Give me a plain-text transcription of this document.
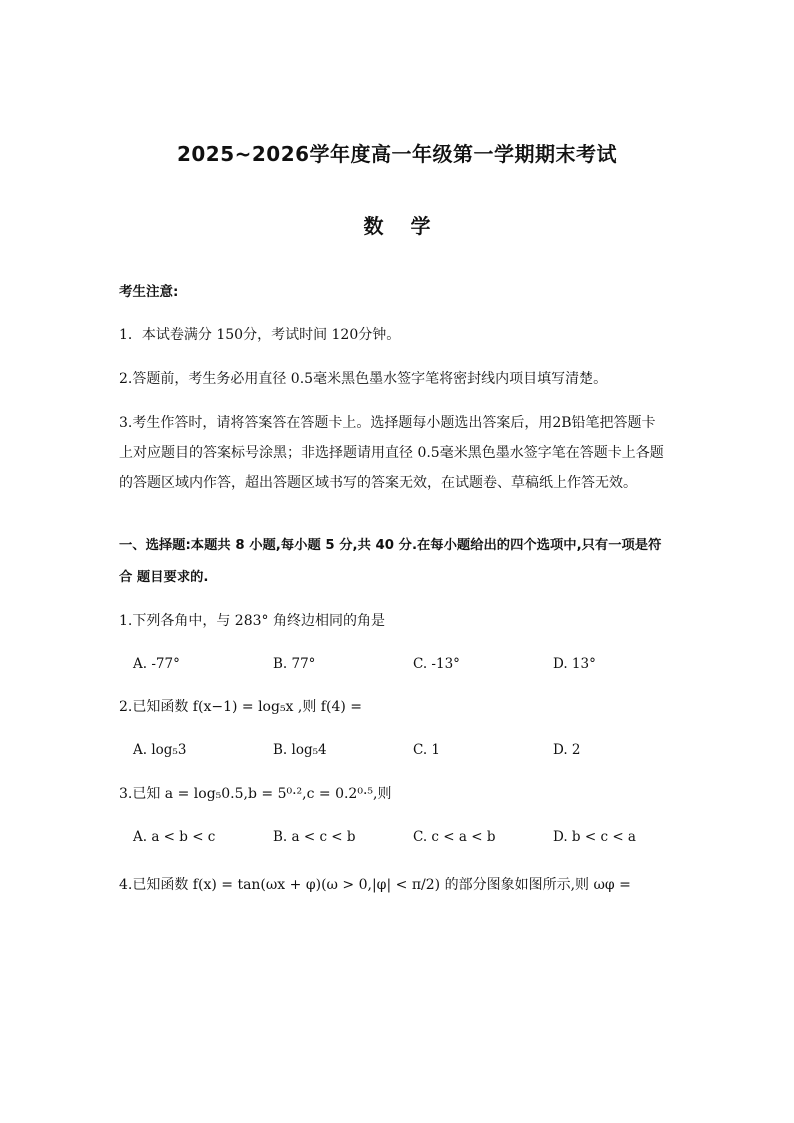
2025~2026学年度高一年级第一学期期末考试
数 学
考生注意:
1．本试卷满分 150分，考试时间 120分钟。
2.答题前，考生务必用直径 0.5毫米黑色墨水签字笔将密封线内项目填写清楚。
3.考生作答时，请将答案答在答题卡上。选择题每小题选出答案后，用2B铅笔把答题卡
上对应题目的答案标号涂黑；非选择题请用直径 0.5毫米黑色墨水签字笔在答题卡上各题
的答题区域内作答，超出答题区域书写的答案无效，在试题卷、草稿纸上作答无效。
一、选择题:本题共 8 小题,每小题 5 分,共 40 分.在每小题给出的四个选项中,只有一项是符
合 题目要求的.
1.下列各角中，与 283° 角终边相同的角是
A. -77°	B. 77°	C. -13°	D. 13°
2.已知函数 f(x−1) = log₅x ,则 f(4) =
A. log₅3	B. log₅4	C. 1	D. 2
3.已知 a = log₅0.5,b = 5⁰·²,c = 0.2⁰·⁵,则
A. a < b < c	B. a < c < b	C. c < a < b	D. b < c < a
4.已知函数 f(x) = tan(ωx + φ)(ω > 0,|φ| < π/2) 的部分图象如图所示,则 ωφ =
